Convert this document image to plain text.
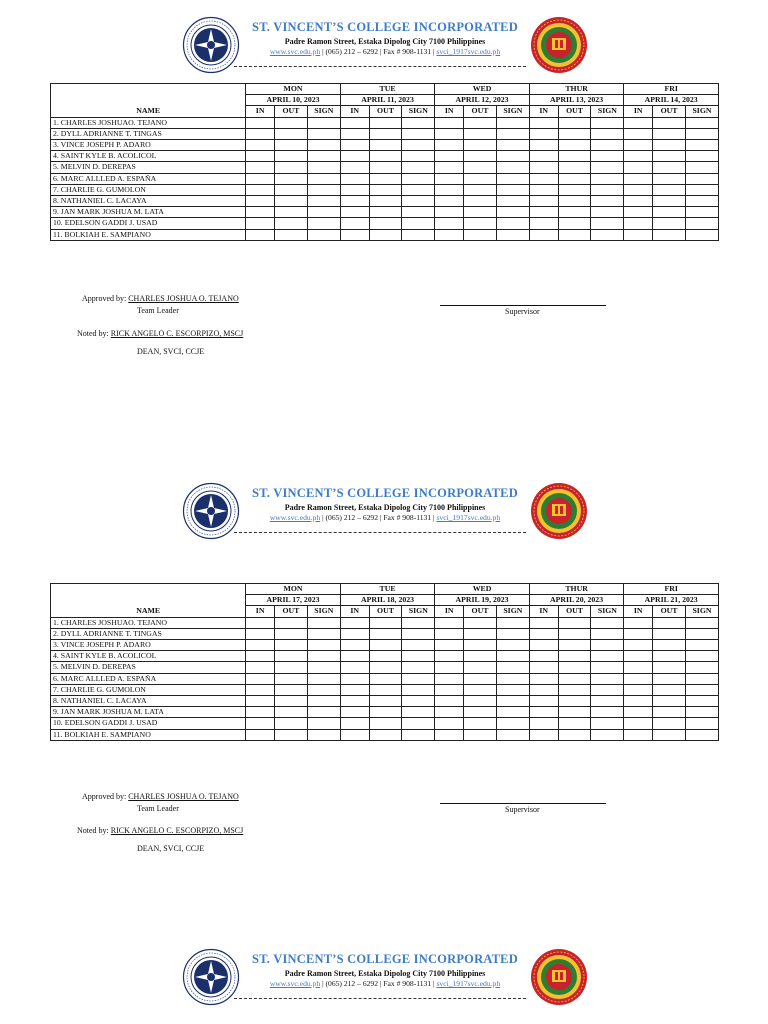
ST. VINCENT’S COLLEGE INCORPORATED
Padre Ramon Street, Estaka Dipolog City 7100 Philippines
www.svc.edu.ph | (065) 212 – 6292 | Fax # 908-1131 | svci_1917svc.edu.ph
	MON			TUE			WED			THUR			FRI		
	APRIL 10, 2023			APRIL 11, 2023			APRIL 12, 2023			APRIL 13, 2023			APRIL 14, 2023		
NAME	IN	OUT	SIGN	IN	OUT	SIGN	IN	OUT	SIGN	IN	OUT	SIGN	IN	OUT	SIGN
1. CHARLES JOSHUAO. TEJANO															
2. DYLL ADRIANNE T. TINGAS															
3. VINCE JOSEPH P. ADARO															
4. SAINT KYLE B. ACOLICOL															
5. MELVIN D. DEREPAS															
6. MARC ALLLED A. ESPAÑA															
7. CHARLIE G. GUMOLON															
8. NATHANIEL C. LACAYA															
9. JAN MARK JOSHUA M. LATA															
10. EDELSON GADDI J. USAD															
11. BOLKIAH E. SAMPIANO															
Approved by: CHARLES JOSHUA O. TEJANO
Team Leader	Supervisor
Noted by: RICK ANGELO C. ESCORPIZO, MSCJ
DEAN, SVCI, CCJE
ST. VINCENT’S COLLEGE INCORPORATED
Padre Ramon Street, Estaka Dipolog City 7100 Philippines
www.svc.edu.ph | (065) 212 – 6292 | Fax # 908-1131 | svci_1917svc.edu.ph
	MON			TUE			WED			THUR			FRI		
	APRIL 17, 2023			APRIL 18, 2023			APRIL 19, 2023			APRIL 20, 2023			APRIL 21, 2023		
NAME	IN	OUT	SIGN	IN	OUT	SIGN	IN	OUT	SIGN	IN	OUT	SIGN	IN	OUT	SIGN
1. CHARLES JOSHUAO. TEJANO															
2. DYLL ADRIANNE T. TINGAS															
3. VINCE JOSEPH P. ADARO															
4. SAINT KYLE B. ACOLICOL															
5. MELVIN D. DEREPAS															
6. MARC ALLLED A. ESPAÑA															
7. CHARLIE G. GUMOLON															
8. NATHANIEL C. LACAYA															
9. JAN MARK JOSHUA M. LATA															
10. EDELSON GADDI J. USAD															
11. BOLKIAH E. SAMPIANO															
Approved by: CHARLES JOSHUA O. TEJANO
Team Leader	Supervisor
Noted by: RICK ANGELO C. ESCORPIZO, MSCJ
DEAN, SVCI, CCJE
ST. VINCENT’S COLLEGE INCORPORATED
Padre Ramon Street, Estaka Dipolog City 7100 Philippines
www.svc.edu.ph | (065) 212 – 6292 | Fax # 908-1131 | svci_1917svc.edu.ph
